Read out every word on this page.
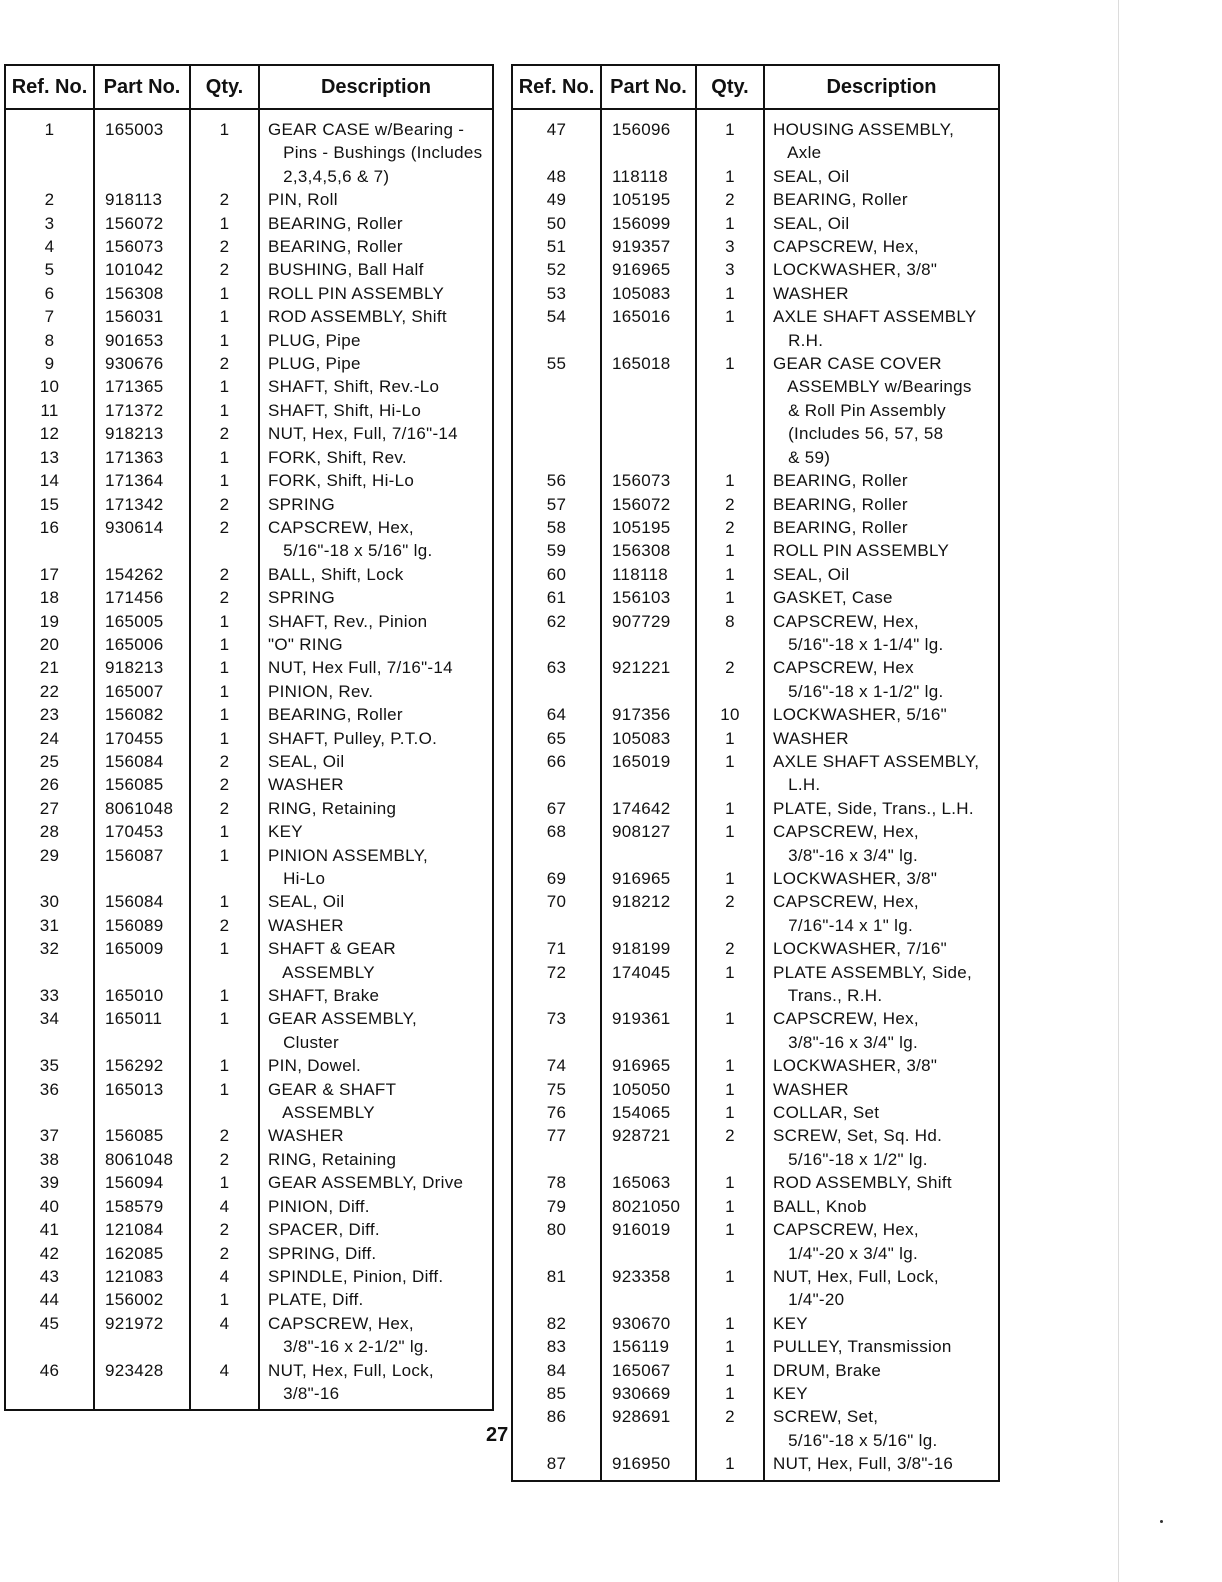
Ref. No.	Part No.	Qty.	Description

1	165003	1	GEAR CASE w/Bearing -
Pins - Bushings (Includes
2,3,4,5,6 & 7)
2	918113	2	PIN, Roll
3	156072	1	BEARING, Roller
4	156073	2	BEARING, Roller
5	101042	2	BUSHING, Ball Half
6	156308	1	ROLL PIN ASSEMBLY
7	156031	1	ROD ASSEMBLY, Shift
8	901653	1	PLUG, Pipe
9	930676	2	PLUG, Pipe
10	171365	1	SHAFT, Shift, Rev.-Lo
11	171372	1	SHAFT, Shift, Hi-Lo
12	918213	2	NUT, Hex, Full, 7/16"-14
13	171363	1	FORK, Shift, Rev.
14	171364	1	FORK, Shift, Hi-Lo
15	171342	2	SPRING
16	930614	2	CAPSCREW, Hex,
5/16"-18 x 5/16" lg.
17	154262	2	BALL, Shift, Lock
18	171456	2	SPRING
19	165005	1	SHAFT, Rev., Pinion
20	165006	1	"O" RING
21	918213	1	NUT, Hex Full, 7/16"-14
22	165007	1	PINION, Rev.
23	156082	1	BEARING, Roller
24	170455	1	SHAFT, Pulley, P.T.O.
25	156084	2	SEAL, Oil
26	156085	2	WASHER
27	8061048	2	RING, Retaining
28	170453	1	KEY
29	156087	1	PINION ASSEMBLY,
Hi-Lo
30	156084	1	SEAL, Oil
31	156089	2	WASHER
32	165009	1	SHAFT & GEAR
ASSEMBLY
33	165010	1	SHAFT, Brake
34	165011	1	GEAR ASSEMBLY,
Cluster
35	156292	1	PIN, Dowel.
36	165013	1	GEAR & SHAFT
ASSEMBLY
37	156085	2	WASHER
38	8061048	2	RING, Retaining
39	156094	1	GEAR ASSEMBLY, Drive
40	158579	4	PINION, Diff.
41	121084	2	SPACER, Diff.
42	162085	2	SPRING, Diff.
43	121083	4	SPINDLE, Pinion, Diff.
44	156002	1	PLATE, Diff.
45	921972	4	CAPSCREW, Hex,
3/8"-16 x 2-1/2" lg.
46	923428	4	NUT, Hex, Full, Lock,
3/8"-16

Ref. No.	Part No.	Qty.	Description

47	156096	1	HOUSING ASSEMBLY,
Axle
48	118118	1	SEAL, Oil
49	105195	2	BEARING, Roller
50	156099	1	SEAL, Oil
51	919357	3	CAPSCREW, Hex,
52	916965	3	LOCKWASHER, 3/8"
53	105083	1	WASHER
54	165016	1	AXLE SHAFT ASSEMBLY
R.H.
55	165018	1	GEAR CASE COVER
ASSEMBLY w/Bearings
& Roll Pin Assembly
(Includes 56, 57, 58
& 59)
56	156073	1	BEARING, Roller
57	156072	2	BEARING, Roller
58	105195	2	BEARING, Roller
59	156308	1	ROLL PIN ASSEMBLY
60	118118	1	SEAL, Oil
61	156103	1	GASKET, Case
62	907729	8	CAPSCREW, Hex,
5/16"-18 x 1-1/4" lg.
63	921221	2	CAPSCREW, Hex
5/16"-18 x 1-1/2" lg.
64	917356	10	LOCKWASHER, 5/16"
65	105083	1	WASHER
66	165019	1	AXLE SHAFT ASSEMBLY,
L.H.
67	174642	1	PLATE, Side, Trans., L.H.
68	908127	1	CAPSCREW, Hex,
3/8"-16 x 3/4" lg.
69	916965	1	LOCKWASHER, 3/8"
70	918212	2	CAPSCREW, Hex,
7/16"-14 x 1" lg.
71	918199	2	LOCKWASHER, 7/16"
72	174045	1	PLATE ASSEMBLY, Side,
Trans., R.H.
73	919361	1	CAPSCREW, Hex,
3/8"-16 x 3/4" lg.
74	916965	1	LOCKWASHER, 3/8"
75	105050	1	WASHER
76	154065	1	COLLAR, Set
77	928721	2	SCREW, Set, Sq. Hd.
5/16"-18 x 1/2" lg.
78	165063	1	ROD ASSEMBLY, Shift
79	8021050	1	BALL, Knob
80	916019	1	CAPSCREW, Hex,
1/4"-20 x 3/4" lg.
81	923358	1	NUT, Hex, Full, Lock,
1/4"-20
82	930670	1	KEY
83	156119	1	PULLEY, Transmission
84	165067	1	DRUM, Brake
85	930669	1	KEY
86	928691	2	SCREW, Set,
5/16"-18 x 5/16" lg.
87	916950	1	NUT, Hex, Full, 3/8"-16

27
